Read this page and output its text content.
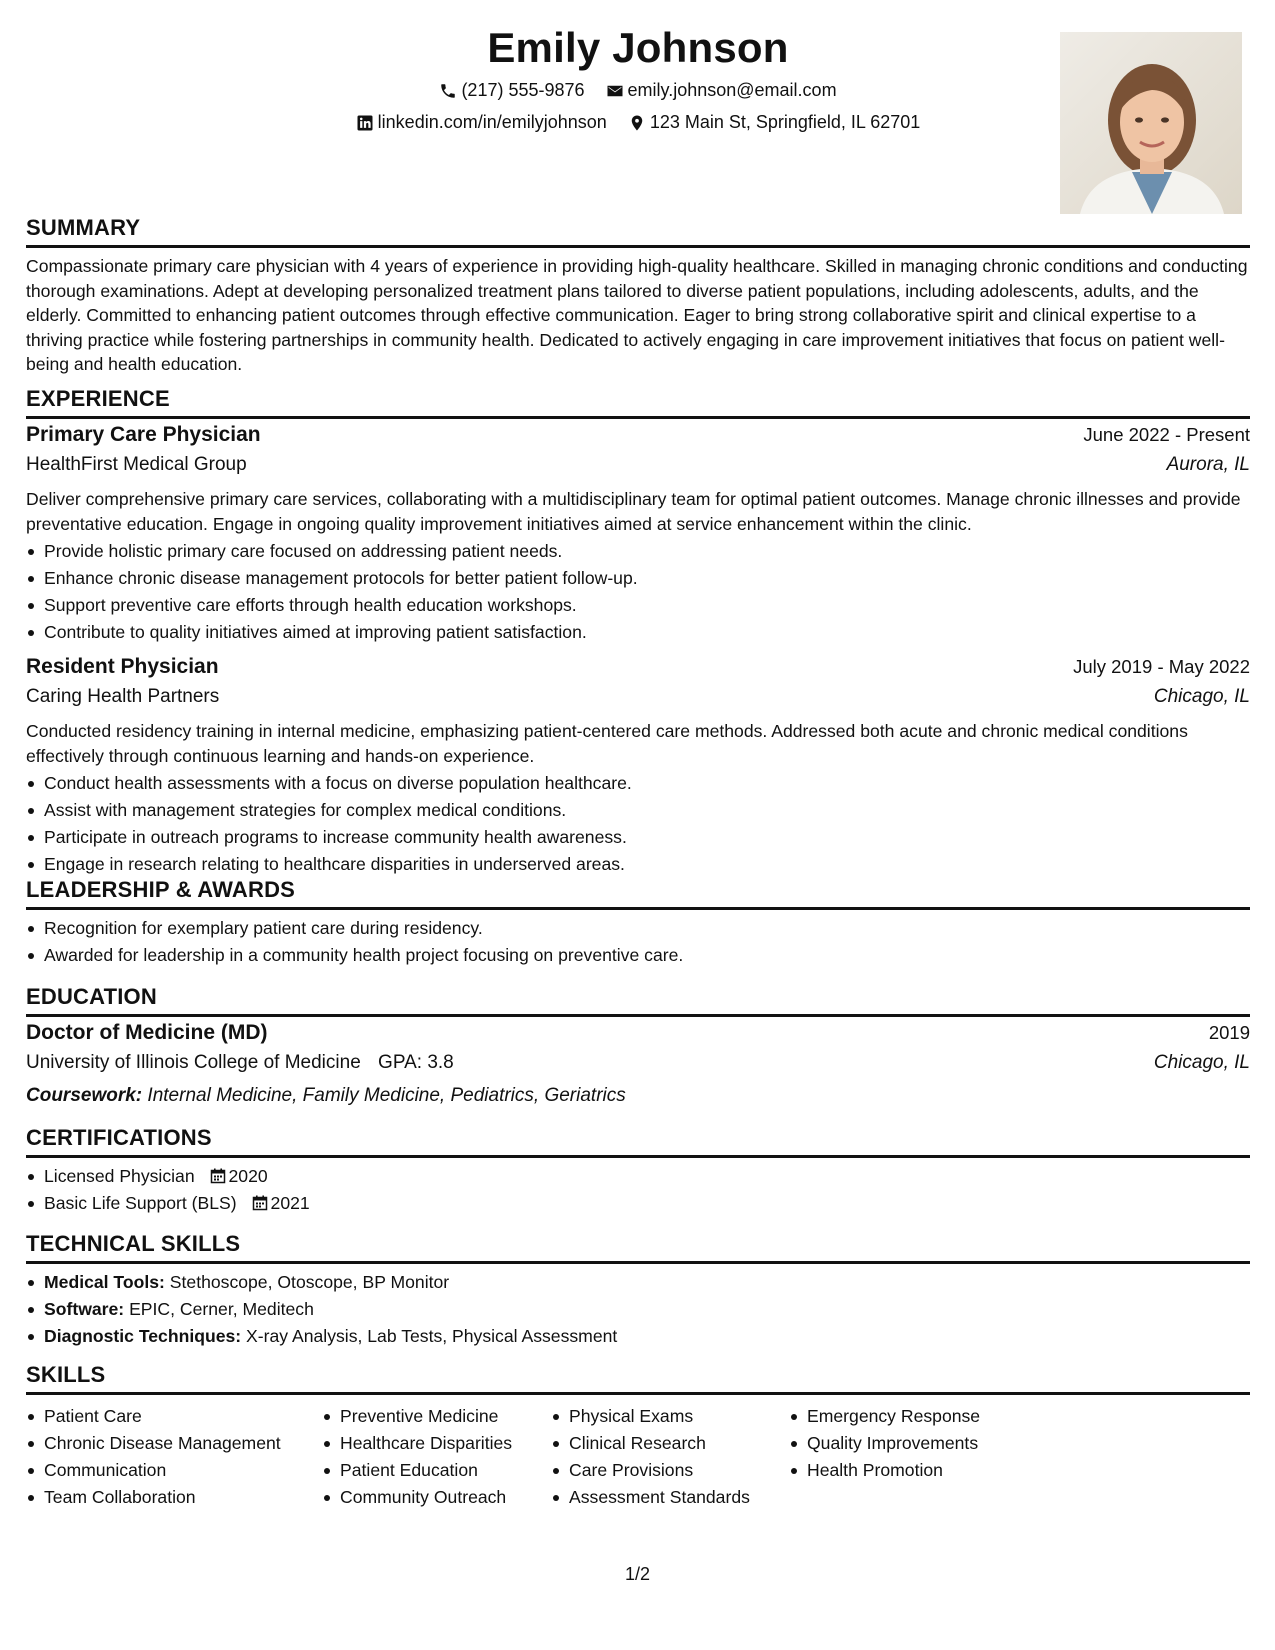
Emily Johnson
(217) 555-9876
emily.johnson@email.com
linkedin.com/in/emilyjohnson
123 Main St, Springfield, IL 62701
SUMMARY
Compassionate primary care physician with 4 years of experience in providing high-quality healthcare. Skilled in managing chronic conditions and conducting thorough examinations. Adept at developing personalized treatment plans tailored to diverse patient populations, including adolescents, adults, and the elderly. Committed to enhancing patient outcomes through effective communication. Eager to bring strong collaborative spirit and clinical expertise to a thriving practice while fostering partnerships in community health. Dedicated to actively engaging in care improvement initiatives that focus on patient well-being and health education.
EXPERIENCE
Primary Care Physician	June 2022 - Present
HealthFirst Medical Group	Aurora, IL
Deliver comprehensive primary care services, collaborating with a multidisciplinary team for optimal patient outcomes. Manage chronic illnesses and provide preventative education. Engage in ongoing quality improvement initiatives aimed at service enhancement within the clinic.
Provide holistic primary care focused on addressing patient needs.
Enhance chronic disease management protocols for better patient follow-up.
Support preventive care efforts through health education workshops.
Contribute to quality initiatives aimed at improving patient satisfaction.
Resident Physician	July 2019 - May 2022
Caring Health Partners	Chicago, IL
Conducted residency training in internal medicine, emphasizing patient-centered care methods. Addressed both acute and chronic medical conditions effectively through continuous learning and hands-on experience.
Conduct health assessments with a focus on diverse population healthcare.
Assist with management strategies for complex medical conditions.
Participate in outreach programs to increase community health awareness.
Engage in research relating to healthcare disparities in underserved areas.
LEADERSHIP & AWARDS
Recognition for exemplary patient care during residency.
Awarded for leadership in a community health project focusing on preventive care.
EDUCATION
Doctor of Medicine (MD)	2019
University of Illinois College of Medicine GPA: 3.8	Chicago, IL
Coursework: Internal Medicine, Family Medicine, Pediatrics, Geriatrics
CERTIFICATIONS
Licensed Physician 2020
Basic Life Support (BLS) 2021
TECHNICAL SKILLS
Medical Tools: Stethoscope, Otoscope, BP Monitor
Software: EPIC, Cerner, Meditech
Diagnostic Techniques: X-ray Analysis, Lab Tests, Physical Assessment
SKILLS
Patient Care
Chronic Disease Management
Communication
Team Collaboration
Preventive Medicine
Healthcare Disparities
Patient Education
Community Outreach
Physical Exams
Clinical Research
Care Provisions
Assessment Standards
Emergency Response
Quality Improvements
Health Promotion
1/2
